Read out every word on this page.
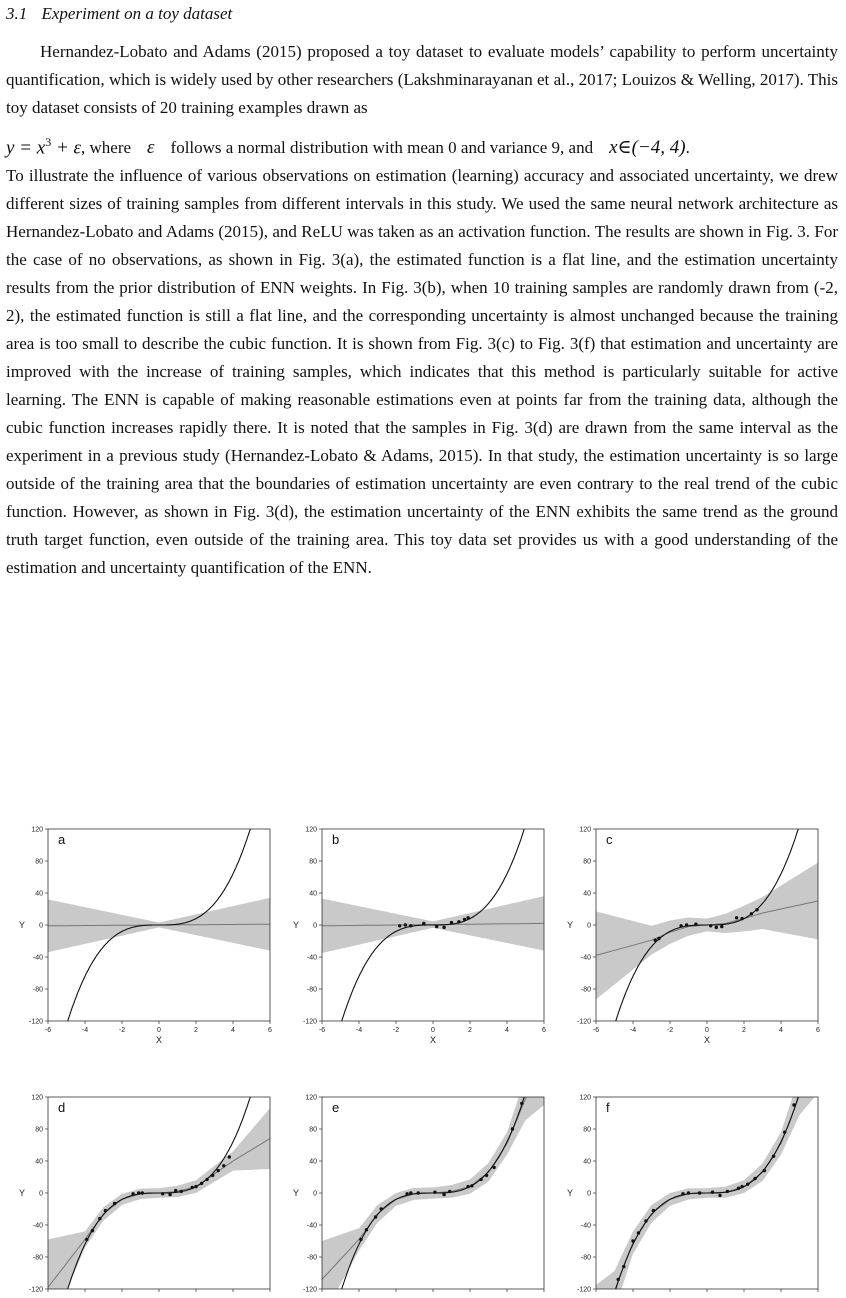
3.1 Experiment on a toy dataset

Hernandez-Lobato and Adams (2015) proposed a toy dataset to evaluate models’ capability to perform uncertainty quantification, which is widely used by other researchers (Lakshminarayanan et al., 2017; Louizos & Welling, 2017). This toy dataset consists of 20 training examples drawn as

$y = x^3 + \varepsilon$ , where ε follows a normal distribution with mean 0 and variance 9, and x∈(−4, 4) .

To illustrate the influence of various observations on estimation (learning) accuracy and associated uncertainty, we drew different sizes of training samples from different intervals in this study. We used the same neural network architecture as Hernandez-Lobato and Adams (2015), and ReLU was taken as an activation function. The results are shown in Fig. 3. For the case of no observations, as shown in Fig. 3(a), the estimated function is a flat line, and the estimation uncertainty results from the prior distribution of ENN weights. In Fig. 3(b), when 10 training samples are randomly drawn from (-2, 2), the estimated function is still a flat line, and the corresponding uncertainty is almost unchanged because the training area is too small to describe the cubic function. It is shown from Fig. 3(c) to Fig. 3(f) that estimation and uncertainty are improved with the increase of training samples, which indicates that this method is particularly suitable for active learning. The ENN is capable of making reasonable estimations even at points far from the training data, although the cubic function increases rapidly there. It is noted that the samples in Fig. 3(d) are drawn from the same interval as the experiment in a previous study (Hernandez-Lobato & Adams, 2015). In that study, the estimation uncertainty is so large outside of the training area that the boundaries of estimation uncertainty are even contrary to the real trend of the cubic function. However, as shown in Fig. 3(d), the estimation uncertainty of the ENN exhibits the same trend as the ground truth target function, even outside of the training area. This toy data set provides us with a good understanding of the estimation and uncertainty quantification of the ENN.

120
80
40
0
-40
-80
-120
-6	-4	-2	0	2	4	6
X
Y
a
120
80
40
0
-40
-80
-120
-6	-4	-2	0	2	4	6
X
Y
b
120
80
40
0
-40
-80
-120
-6	-4	-2	0	2	4	6
X
Y
c
120
80
40
0
-40
-80
-120
Y
d
120
80
40
0
-40
-80
-120
Y
e
120
80
40
0
-40
-80
-120
Y
f
